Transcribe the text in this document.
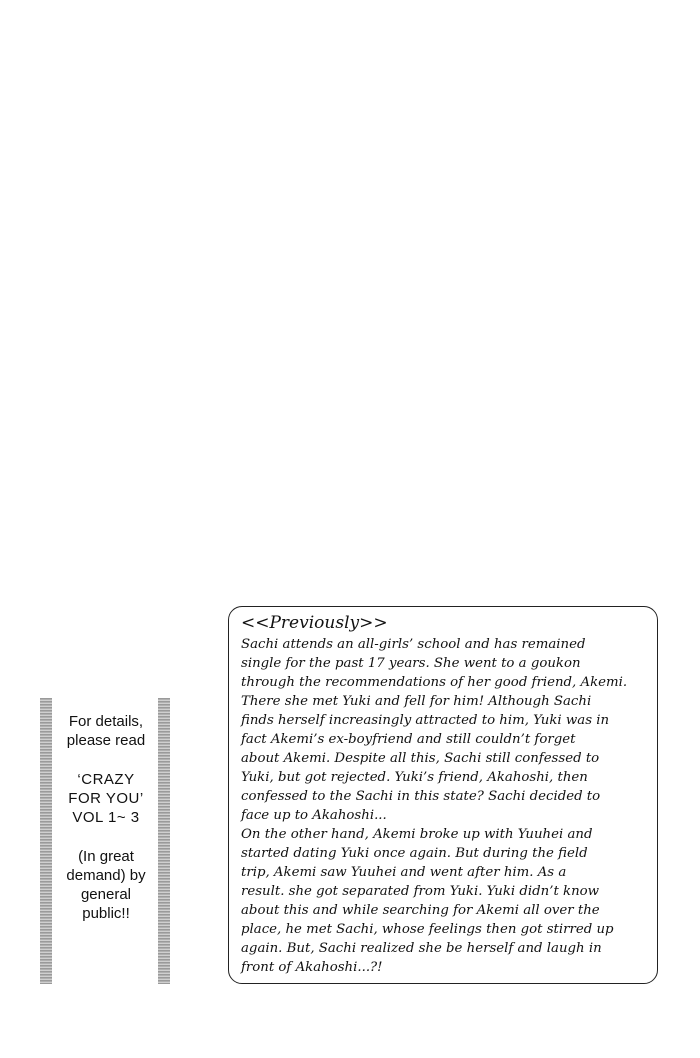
For details,
please read
‘CRAZY
FOR YOU’
VOL 1~ 3
(In great
demand) by
general
public!!
<<Previously>>

Sachi attends an all-girls’ school and has remained
single for the past 17 years. She went to a goukon
through the recommendations of her good friend, Akemi.
There she met Yuki and fell for him! Although Sachi
finds herself increasingly attracted to him, Yuki was in
fact Akemi’s ex-boyfriend and still couldn’t forget
about Akemi. Despite all this, Sachi still confessed to
Yuki, but got rejected. Yuki’s friend, Akahoshi, then
confessed to the Sachi in this state? Sachi decided to
face up to Akahoshi...
On the other hand, Akemi broke up with Yuuhei and
started dating Yuki once again. But during the field
trip, Akemi saw Yuuhei and went after him. As a
result. she got separated from Yuki. Yuki didn’t know
about this and while searching for Akemi all over the
place, he met Sachi, whose feelings then got stirred up
again. But, Sachi realized she be herself and laugh in
front of Akahoshi...?!
